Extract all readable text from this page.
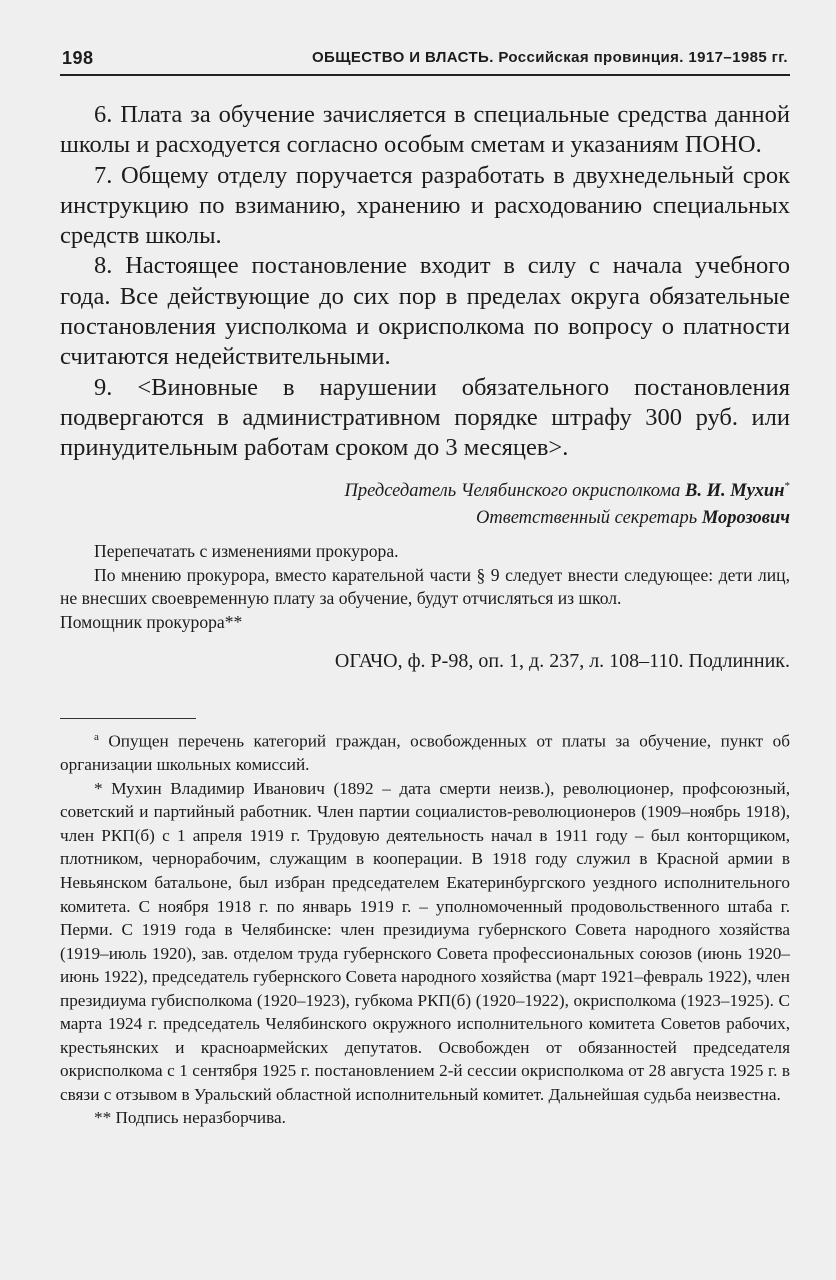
198	ОБЩЕСТВО И ВЛАСТЬ. Российская провинция. 1917–1985 гг.

6. Плата за обучение зачисляется в специальные средства данной школы и расходуется согласно особым сметам и указаниям ПОНО.

7. Общему отделу поручается разработать в двухнедельный срок инструкцию по взиманию, хранению и расходованию специальных средств школы.

8. Настоящее постановление входит в силу с начала учебного года. Все действующие до сих пор в пределах округа обязательные постановления уисполкома и окрисполкома по вопросу о платности считаются недействительными.

9. <Виновные в нарушении обязательного постановления подвергаются в административном порядке штрафу 300 руб. или принудительным работам сроком до 3 месяцев>.

Председатель Челябинского окрисполкома В. И. Мухин*
Ответственный секретарь Морозович

Перепечатать с изменениями прокурора.

По мнению прокурора, вместо карательной части § 9 следует внести следующее: дети лиц, не внесших своевременную плату за обучение, будут отчисляться из школ.

Помощник прокурора**

ОГАЧО, ф. Р-98, оп. 1, д. 237, л. 108–110. Подлинник.

$^а$ Опущен перечень категорий граждан, освобожденных от платы за обучение, пункт об организации школьных комиссий.

* Мухин Владимир Иванович (1892 – дата смерти неизв.), революционер, профсоюзный, советский и партийный работник. Член партии социалистов-революционеров (1909–ноябрь 1918), член РКП(б) с 1 апреля 1919 г. Трудовую деятельность начал в 1911 году – был конторщиком, плотником, чернорабочим, служащим в кооперации. В 1918 году служил в Красной армии в Невьянском батальоне, был избран председателем Екатеринбургского уездного исполнительного комитета. С ноября 1918 г. по январь 1919 г. – уполномоченный продовольственного штаба г. Перми. С 1919 года в Челябинске: член президиума губернского Совета народного хозяйства (1919–июль 1920), зав. отделом труда губернского Совета профессиональных союзов (июнь 1920–июнь 1922), председатель губернского Совета народного хозяйства (март 1921–февраль 1922), член президиума губисполкома (1920–1923), губкома РКП(б) (1920–1922), окрисполкома (1923–1925). С марта 1924 г. председатель Челябинского окружного исполнительного комитета Советов рабочих, крестьянских и красноармейских депутатов. Освобожден от обязанностей председателя окрисполкома с 1 сентября 1925 г. постановлением 2-й сессии окрисполкома от 28 августа 1925 г. в связи с отзывом в Уральский областной исполнительный комитет. Дальнейшая судьба неизвестна.

** Подпись неразборчива.
